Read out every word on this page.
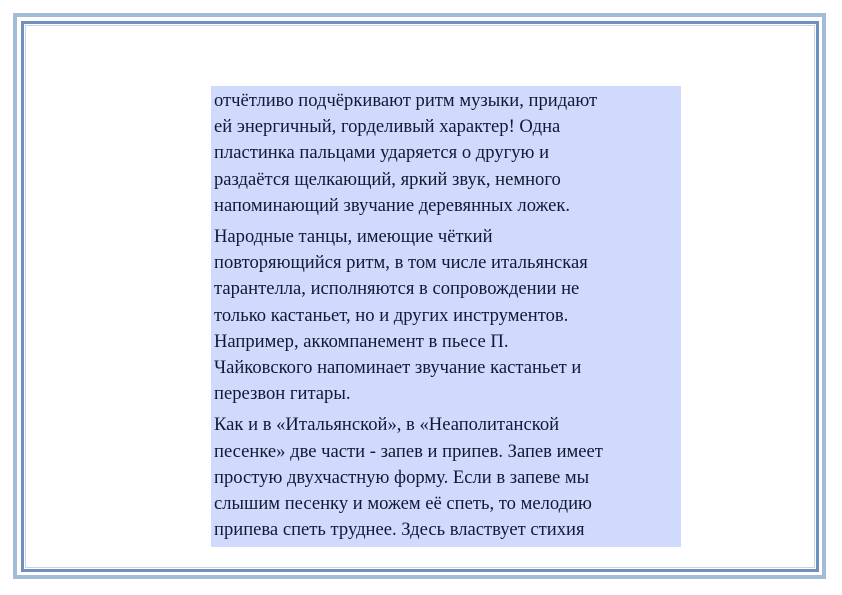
отчётливо подчёркивают ритм музыки, придают
ей энергичный, горделивый характер! Одна
пластинка пальцами ударяется о другую и
раздаётся щелкающий, яркий звук, немного
напоминающий звучание деревянных ложек.

Народные танцы, имеющие чёткий
повторяющийся ритм, в том числе итальянская
тарантелла, исполняются в сопровождении не
только кастаньет, но и других инструментов.
Например, аккомпанемент в пьесе П.
Чайковского напоминает звучание кастаньет и
перезвон гитары.

Как и в «Итальянской», в «Неаполитанской
песенке» две части - запев и припев. Запев имеет
простую двухчастную форму. Если в запеве мы
слышим песенку и можем её спеть, то мелодию
припева спеть труднее. Здесь властвует стихия
